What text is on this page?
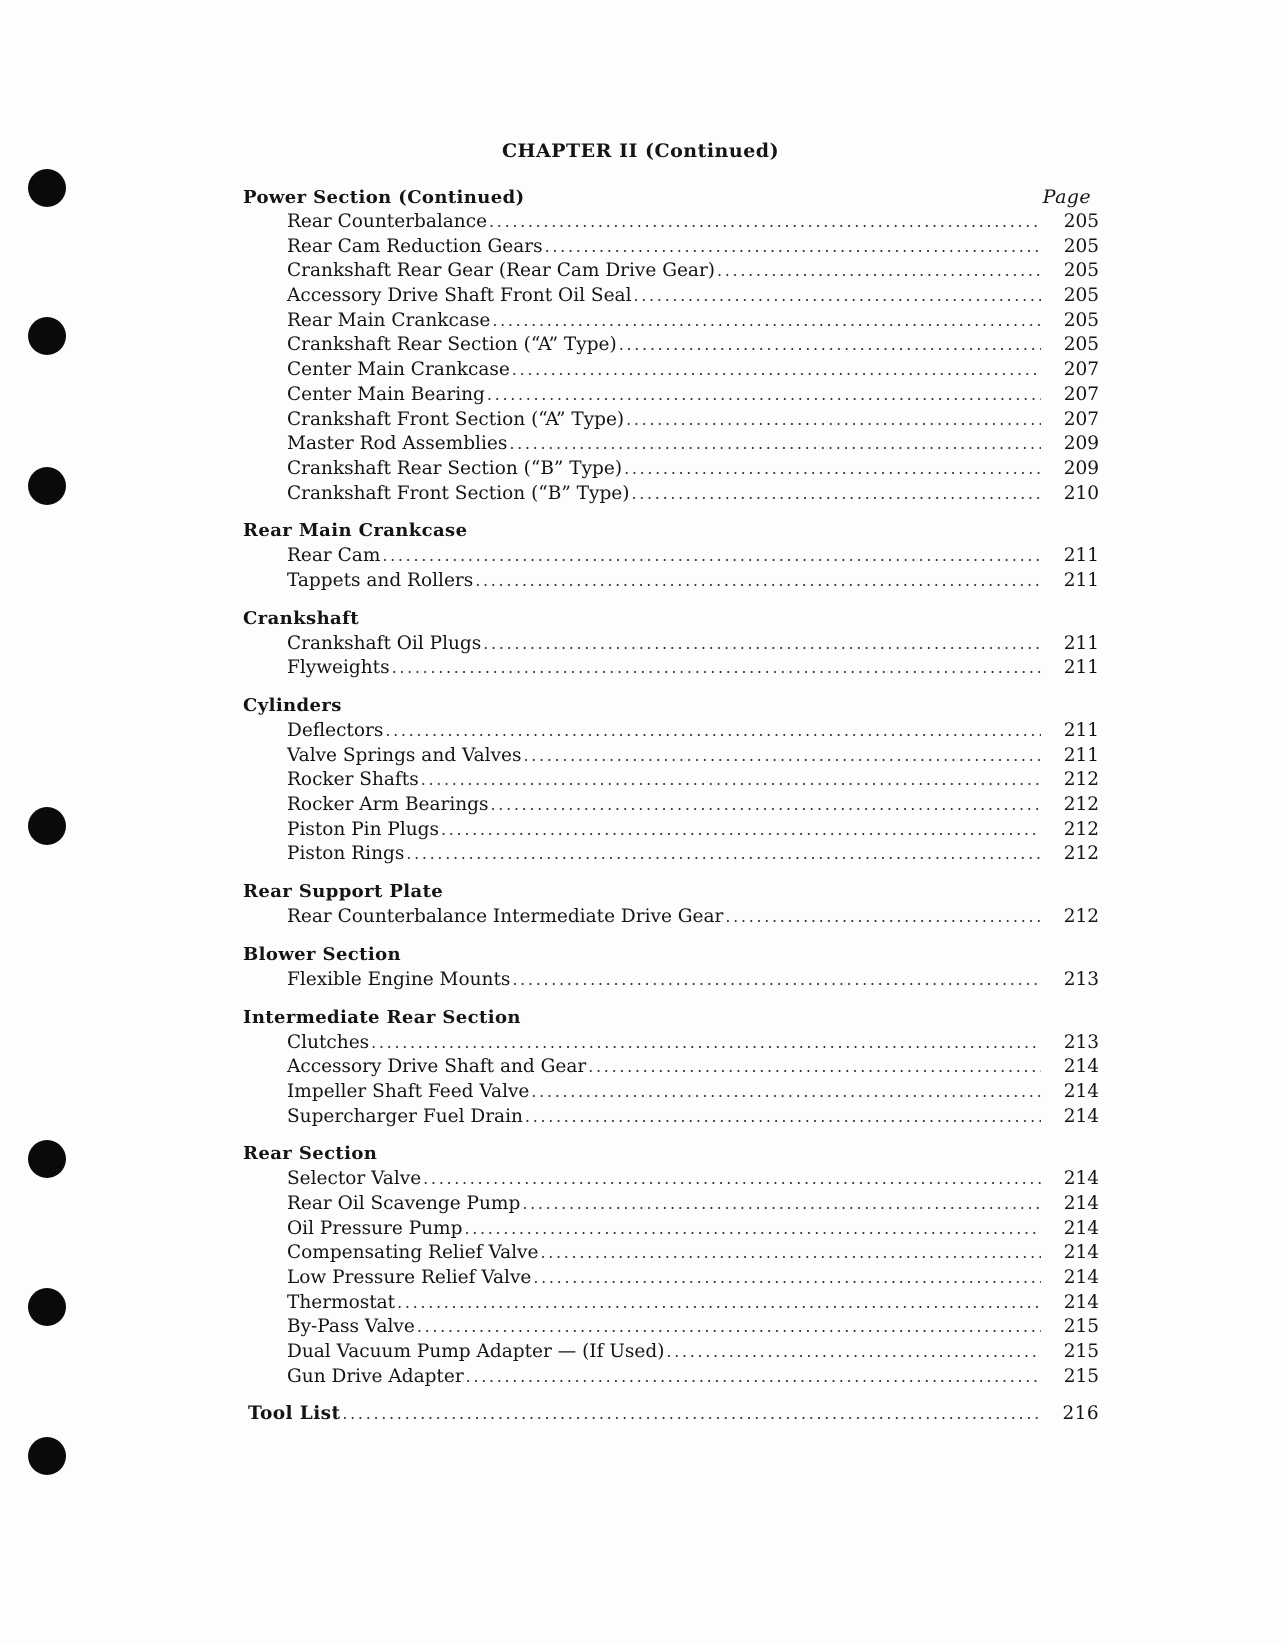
CHAPTER II (Continued)
Power Section (Continued)	Page
Rear Counterbalance . . .	205
Rear Cam Reduction Gears . . .	205
Crankshaft Rear Gear (Rear Cam Drive Gear) . . .	205
Accessory Drive Shaft Front Oil Seal . . .	205
Rear Main Crankcase . . .	205
Crankshaft Rear Section (“A” Type) . . .	205
Center Main Crankcase . . .	207
Center Main Bearing . . .	207
Crankshaft Front Section (“A” Type) . . .	207
Master Rod Assemblies . . .	209
Crankshaft Rear Section (“B” Type) . . .	209
Crankshaft Front Section (“B” Type) . . .	210
Rear Main Crankcase
Rear Cam . . .	211
Tappets and Rollers . . .	211
Crankshaft
Crankshaft Oil Plugs . . .	211
Flyweights . . .	211
Cylinders
Deflectors . . .	211
Valve Springs and Valves . . .	211
Rocker Shafts . . .	212
Rocker Arm Bearings . . .	212
Piston Pin Plugs . . .	212
Piston Rings . . .	212
Rear Support Plate
Rear Counterbalance Intermediate Drive Gear . . .	212
Blower Section
Flexible Engine Mounts . . .	213
Intermediate Rear Section
Clutches . . .	213
Accessory Drive Shaft and Gear . . .	214
Impeller Shaft Feed Valve . . .	214
Supercharger Fuel Drain . . .	214
Rear Section
Selector Valve . . .	214
Rear Oil Scavenge Pump . . .	214
Oil Pressure Pump . . .	214
Compensating Relief Valve . . .	214
Low Pressure Relief Valve . . .	214
Thermostat . . .	214
By-Pass Valve . . .	215
Dual Vacuum Pump Adapter — (If Used) . . .	215
Gun Drive Adapter . . .	215
Tool List . . .	216
